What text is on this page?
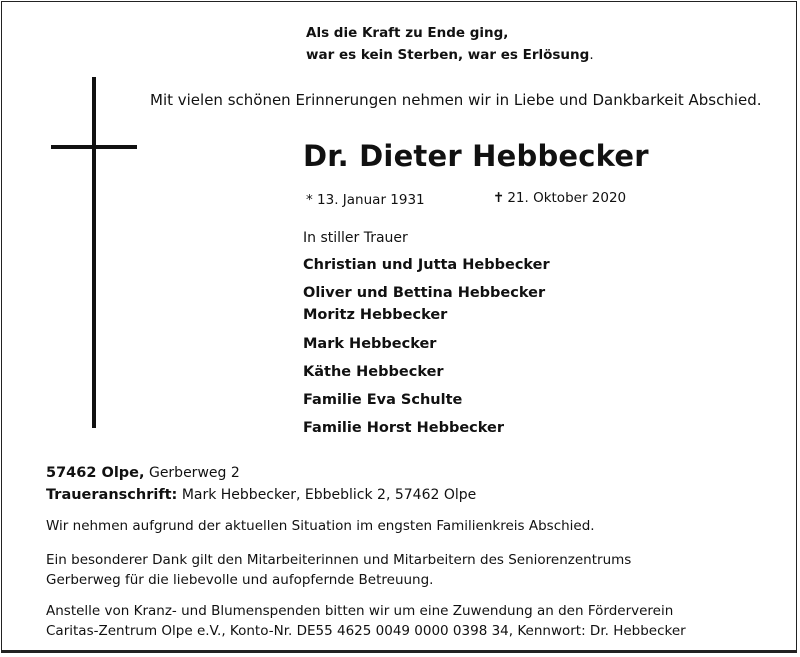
Als die Kraft zu Ende ging,
war es kein Sterben, war es Erlösung.
Mit vielen schönen Erinnerungen nehmen wir in Liebe und Dankbarkeit Abschied.
Dr. Dieter Hebbecker
* 13. Januar 1931	✝ 21. Oktober 2020
In stiller Trauer
Christian und Jutta Hebbecker
Oliver und Bettina Hebbecker
Moritz Hebbecker
Mark Hebbecker
Käthe Hebbecker
Familie Eva Schulte
Familie Horst Hebbecker
57462 Olpe, Gerberweg 2
Traueranschrift: Mark Hebbecker, Ebbeblick 2, 57462 Olpe
Wir nehmen aufgrund der aktuellen Situation im engsten Familienkreis Abschied.
Ein besonderer Dank gilt den Mitarbeiterinnen und Mitarbeitern des Seniorenzentrums
Gerberweg für die liebevolle und aufopfernde Betreuung.
Anstelle von Kranz- und Blumenspenden bitten wir um eine Zuwendung an den Förderverein
Caritas-Zentrum Olpe e.V., Konto-Nr. DE55 4625 0049 0000 0398 34, Kennwort: Dr. Hebbecker
